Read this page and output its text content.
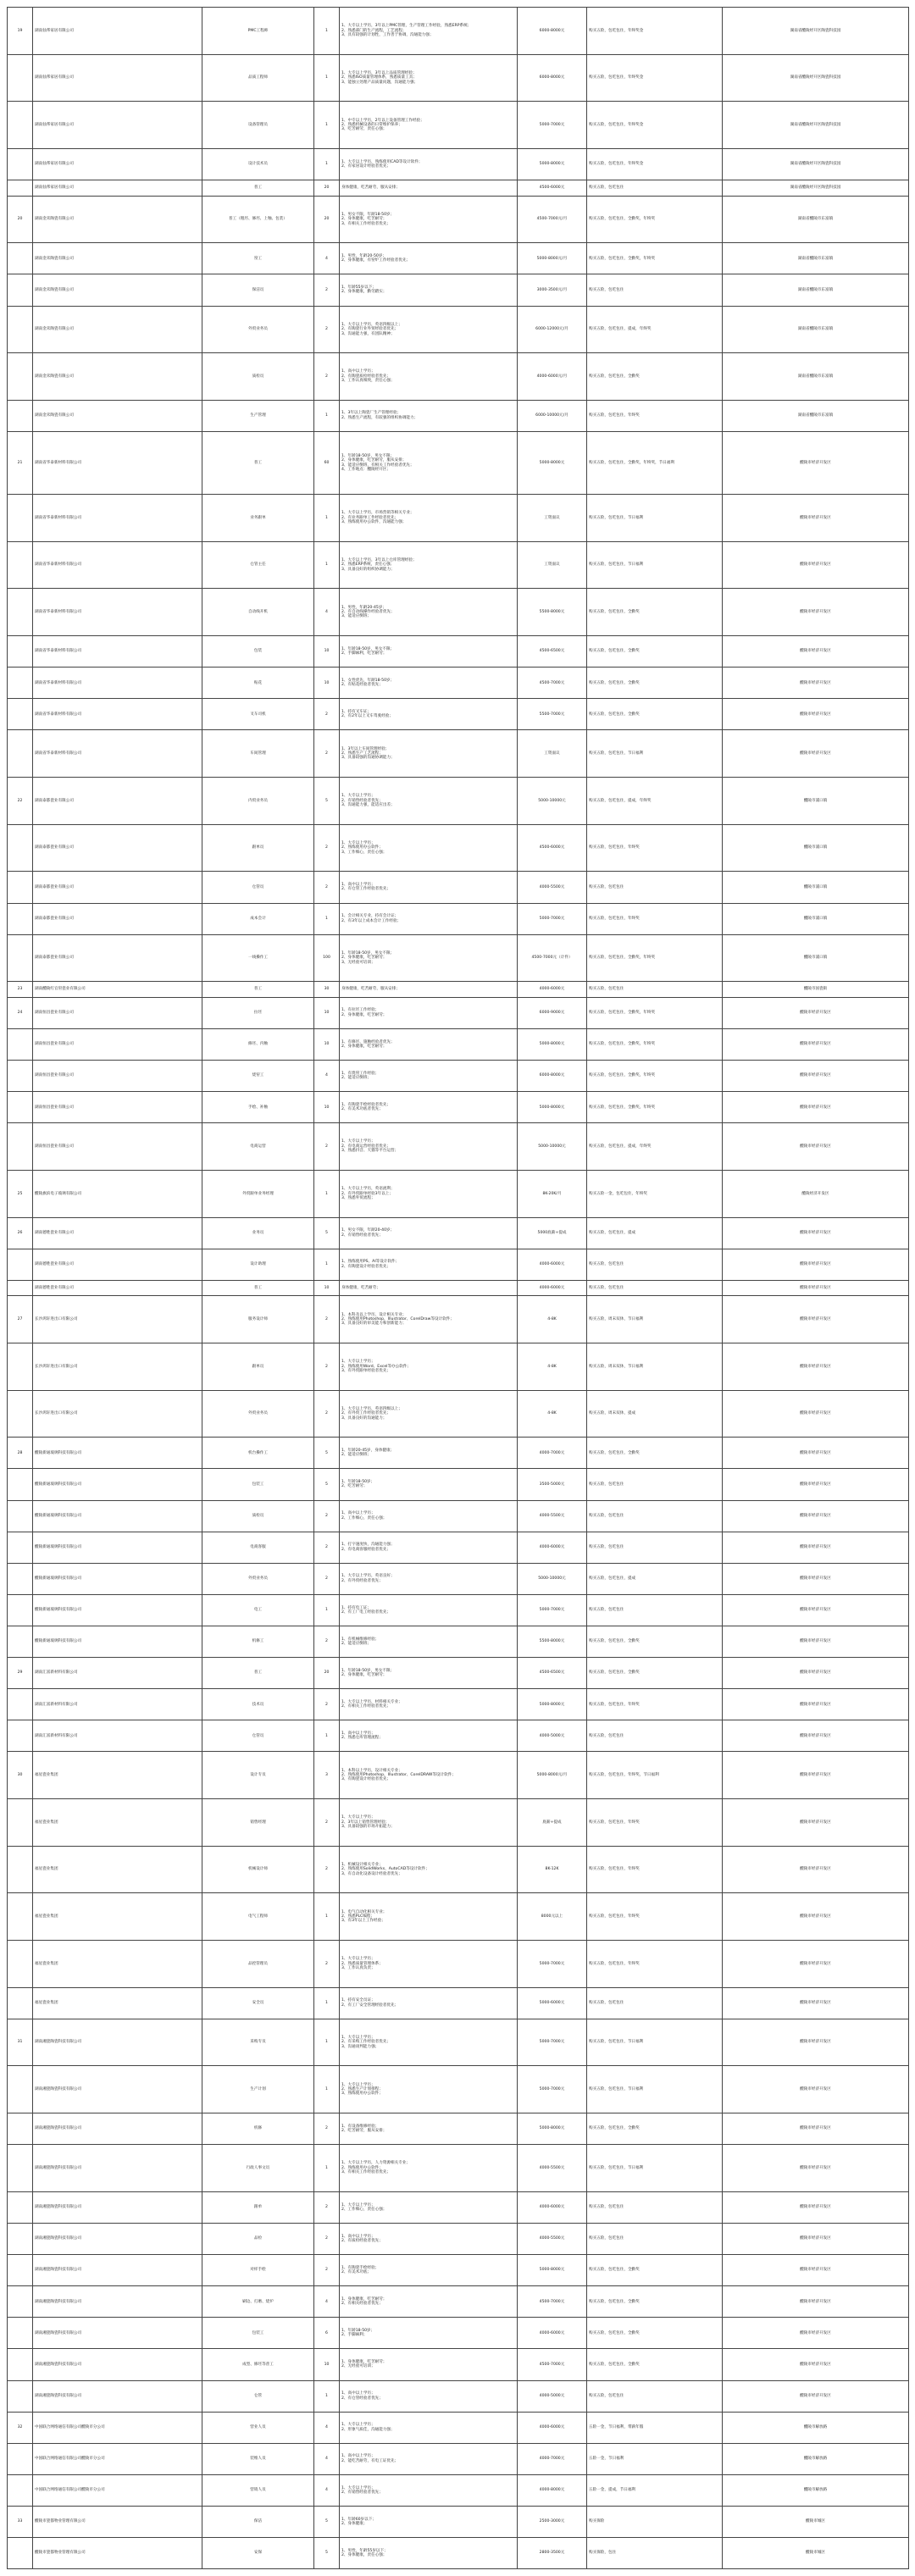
19	湖南仙邦家居有限公司	PMC工程师	1	1、大专以上学历，3年以上PMC管理，生产管理工作经验，熟悉ERP系统；
2、熟悉部门的生产流程，工艺流程；
3、具有较强的计划性，工作善于协调，沟通能力强；	6000-8000元	购买五险，包吃包住，年终奖金	湖南省醴陵经开区陶瓷科技园
	湖南仙邦家居有限公司	品质工程师	1	1、大专以上学历，3年以上品质管理经验；
2、熟悉ISO质量管理体系，熟悉质量工具；
3、能独立处理产品质量问题，沟通能力强；	6000-8000元	购买五险，包吃包住，年终奖金	湖南省醴陵经开区陶瓷科技园
	湖南仙邦家居有限公司	设备管理员	1	1、中专以上学历，2年以上设备管理工作经验；
2、熟悉机械设备的日常维护保养；
3、吃苦耐劳，责任心强；	5000-7000元	购买五险，包吃包住，年终奖金	湖南省醴陵经开区陶瓷科技园
	湖南仙邦家居有限公司	设计技术员	1	1、大专以上学历，熟练使用CAD等设计软件；
2、有家居设计经验者优先；	5000-8000元	购买五险，包吃包住，年终奖金	湖南省醴陵经开区陶瓷科技园
	湖南仙邦家居有限公司	普工	20	身体健康，吃苦耐劳，服从安排；	4500-6000元	购买五险，包吃包住	湖南省醴陵经开区陶瓷科技园
20	湖南金禾陶瓷有限公司	普工（粗坯、修坯、上釉、包装）	20	1、男女不限，年龄18-50岁；
2、身体健康，吃苦耐劳；
3、有相关工作经验者优先；	4500-7000元/月	购买五险，包吃包住，全勤奖，年终奖	湖南省醴陵市东富镇
	湖南金禾陶瓷有限公司	窑工	4	1、男性，年龄20-50岁；
2、身体健康，有窑炉工作经验者优先；	5000-8000元/月	购买五险，包吃包住，全勤奖，年终奖	湖南省醴陵市东富镇
	湖南金禾陶瓷有限公司	保洁员	2	1、年龄55岁以下；
2、身体健康，勤劳踏实；	3000-3500元/月	购买五险，包吃包住	湖南省醴陵市东富镇
	湖南金禾陶瓷有限公司	外贸业务员	2	1、大专以上学历，英语四级以上；
2、有陶瓷行业外贸经验者优先；
3、沟通能力强，有团队精神；	6000-12000元/月	购买五险，包吃包住，提成，年终奖	湖南省醴陵市东富镇
	湖南金禾陶瓷有限公司	质检员	2	1、高中以上学历；
2、有陶瓷质检经验者优先；
3、工作认真细致，责任心强；	4000-6000元/月	购买五险，包吃包住，全勤奖	湖南省醴陵市东富镇
	湖南金禾陶瓷有限公司	生产管理	1	1、3年以上陶瓷厂生产管理经验；
2、熟悉生产流程，有较强的组织协调能力；	6000-10000元/月	购买五险，包吃包住，年终奖	湖南省醴陵市东富镇
21	湖南省华泰新材料有限公司	普工	60	1、年龄18-50岁，男女不限；
2、身体健康，吃苦耐劳，服从安排；
3、能适应倒班，有相关工作经验者优先；
4、工作地点：醴陵经开区；	5000-8000元	购买五险，包吃包住，全勤奖，年终奖，节日福利	醴陵市经济开发区
	湖南省华泰新材料有限公司	业务跟单	1	1、大专以上学历，市场营销等相关专业；
2、有业务跟单工作经验者优先；
3、熟练使用办公软件，沟通能力强；	工资面议	购买五险，包吃包住，节日福利	醴陵市经济开发区
	湖南省华泰新材料有限公司	仓管主任	1	1、大专以上学历，3年以上仓库管理经验；
2、熟悉ERP系统，责任心强；
3、具备良好的组织协调能力；	工资面议	购买五险，包吃包住，节日福利	醴陵市经济开发区
	湖南省华泰新材料有限公司	自动线开机	4	1、男性，年龄20-45岁；
2、有自动线操作经验者优先；
3、能适应倒班；	5500-8000元	购买五险，包吃包住，全勤奖	醴陵市经济开发区
	湖南省华泰新材料有限公司	包装	10	1、年龄18-50岁，男女不限；
2、手脚麻利，吃苦耐劳；	4500-6500元	购买五险，包吃包住，全勤奖	醴陵市经济开发区
	湖南省华泰新材料有限公司	贴花	10	1、女性优先，年龄18-50岁；
2、有贴花经验者优先；	4500-7000元	购买五险，包吃包住，全勤奖	醴陵市经济开发区
	湖南省华泰新材料有限公司	叉车司机	2	1、持有叉车证；
2、有2年以上叉车驾驶经验；	5500-7000元	购买五险，包吃包住，全勤奖	醴陵市经济开发区
	湖南省华泰新材料有限公司	车间管理	2	1、3年以上车间管理经验；
2、熟悉生产工艺流程；
3、具备较强的沟通协调能力；	工资面议	购买五险，包吃包住，节日福利	醴陵市经济开发区
22	湖南泰都瓷业有限公司	内贸业务员	5	1、大专以上学历；
2、有销售经验者优先；
3、沟通能力强，能适应出差；	5000-10000元	购买五险，包吃包住，提成，年终奖	醴陵市浦口镇
	湖南泰都瓷业有限公司	跟单员	2	1、大专以上学历；
2、熟练使用办公软件；
3、工作细心，责任心强；	4500-6000元	购买五险，包吃包住，年终奖	醴陵市浦口镇
	湖南泰都瓷业有限公司	仓管员	2	1、高中以上学历；
2、有仓管工作经验者优先；	4000-5500元	购买五险，包吃包住	醴陵市浦口镇
	湖南泰都瓷业有限公司	成本会计	1	1、会计相关专业，持有会计证；
2、有3年以上成本会计工作经验；	5000-7000元	购买五险，包吃包住，年终奖	醴陵市浦口镇
	湖南泰都瓷业有限公司	一线操作工	100	1、年龄18-50岁，男女不限；
2、身体健康，吃苦耐劳；
3、无经验可培训；	4500-7000元（计件）	购买五险，包吃包住，全勤奖，年终奖	醴陵市浦口镇
23	湖南醴陵红官窑瓷业有限公司	普工	30	身体健康，吃苦耐劳，服从安排；	4000-6000元	购买五险，包吃包住	醴陵市国瓷街
24	湖南恒昌瓷业有限公司	拉坯	10	1、有拉坯工作经验；
2、身体健康，吃苦耐劳；	6000-9000元	购买五险，包吃包住，全勤奖，年终奖	醴陵市经济开发区
	湖南恒昌瓷业有限公司	修坯、内釉	10	1、有修坯、施釉经验者优先；
2、身体健康，吃苦耐劳；	5000-8000元	购买五险，包吃包住，全勤奖，年终奖	醴陵市经济开发区
	湖南恒昌瓷业有限公司	烧窑工	4	1、有烧窑工作经验；
2、能适应倒班；	6000-8000元	购买五险，包吃包住，全勤奖，年终奖	醴陵市经济开发区
	湖南恒昌瓷业有限公司	手绘、补釉	10	1、有陶瓷手绘经验者优先；
2、有美术功底者优先；	5000-8000元	购买五险，包吃包住，全勤奖，年终奖	醴陵市经济开发区
	湖南恒昌瓷业有限公司	电商运营	2	1、大专以上学历；
2、有电商运营经验者优先；
3、熟悉抖音、天猫等平台运营；	5000-10000元	购买五险，包吃包住，提成，年终奖	醴陵市经济开发区
25	醴陵旗滨电子玻璃有限公司	外贸跟单业务经理	1	1、大专以上学历，英语流利；
2、有外贸跟单经验3年以上；
3、熟悉外贸流程；	8K-20K/月	购买五险一金，包吃包住，年终奖	醴陵经济开发区
26	湖南德胜瓷业有限公司	业务员	5	1、男女不限，年龄20-40岁；
2、有销售经验者优先；	5000底薪+提成	购买五险，包吃包住，提成	醴陵市经济开发区
	湖南德胜瓷业有限公司	设计助理	1	1、熟练使用PS、AI等设计软件；
2、有陶瓷设计经验者优先；	4000-6000元	购买五险，包吃包住	醴陵市经济开发区
	湖南德胜瓷业有限公司	普工	10	身体健康，吃苦耐劳；	4000-6000元	购买五险，包吃包住	醴陵市经济开发区
27	长沙鸿轩进出口有限公司	服务设计师	2	1、本科及以上学历，设计相关专业；
2、熟练使用Photoshop、Illustrator、CorelDraw等设计软件；
3、具备良好的审美能力和创新能力；	4-8K	购买五险，周末双休，节日福利	醴陵市经济开发区
	长沙鸿轩进出口有限公司	跟单员	2	1、大专以上学历；
2、熟练使用Word、Excel等办公软件；
3、有外贸跟单经验者优先；	4-8K	购买五险，周末双休，节日福利	醴陵市经济开发区
	长沙鸿轩进出口有限公司	外贸业务员	2	1、大专以上学历，英语四级以上；
2、有外贸工作经验者优先；
3、具备良好的沟通能力；	4-8K	购买五险，周末双休，提成	醴陵市经济开发区
28	醴陵新通玻璃科技有限公司	机台操作工	5	1、年龄20-45岁，身体健康；
2、能适应倒班；	4000-7000元	购买五险，包吃包住，全勤奖	醴陵市经济开发区
	醴陵新通玻璃科技有限公司	包装工	5	1、年龄18-50岁；
2、吃苦耐劳；	3500-5000元	购买五险，包吃包住	醴陵市经济开发区
	醴陵新通玻璃科技有限公司	质检员	2	1、高中以上学历；
2、工作细心，责任心强；	4000-5500元	购买五险，包吃包住	醴陵市经济开发区
	醴陵新通玻璃科技有限公司	电商客服	2	1、打字速度快，沟通能力强；
2、有电商客服经验者优先；	4000-6000元	购买五险，包吃包住	醴陵市经济开发区
	醴陵新通玻璃科技有限公司	外贸业务员	2	1、大专以上学历，英语良好；
2、有外贸经验者优先；	5000-10000元	购买五险，包吃包住，提成	醴陵市经济开发区
	醴陵新通玻璃科技有限公司	电工	1	1、持有电工证；
2、有工厂电工经验者优先；	5000-7000元	购买五险，包吃包住	醴陵市经济开发区
	醴陵新通玻璃科技有限公司	机修工	2	1、有机械维修经验；
2、能适应倒班；	5500-8000元	购买五险，包吃包住，全勤奖	醴陵市经济开发区
29	湖南汇富新材料有限公司	普工	20	1、年龄18-50岁，男女不限；
2、身体健康，吃苦耐劳；	4500-6500元	购买五险，包吃包住，全勤奖	醴陵市经济开发区
	湖南汇富新材料有限公司	技术员	2	1、大专以上学历，材料相关专业；
2、有相关工作经验者优先；	5000-8000元	购买五险，包吃包住，年终奖	醴陵市经济开发区
	湖南汇富新材料有限公司	仓管员	1	1、高中以上学历；
2、熟悉仓库管理流程；	4000-5000元	购买五险，包吃包住	醴陵市经济开发区
30	福星瓷业集团	设计专员	3	1、本科以上学历，设计相关专业；
2、熟练使用Photoshop、Illustrator、CorelDRAW等设计软件；
3、有陶瓷设计经验者优先；	5000-8000元/月	购买五险，包吃包住，年终奖，节日福利	醴陵市经济开发区
	福星瓷业集团	销售经理	2	1、大专以上学历；
2、3年以上销售管理经验；
3、具备较强的市场开拓能力；	底薪+提成	购买五险，包吃包住，年终奖	醴陵市经济开发区
	福星瓷业集团	机械设计师	2	1、机械设计相关专业；
2、熟练使用SolidWorks、AutoCAD等设计软件；
3、有自动化设备设计经验者优先；	8K-12K	购买五险，包吃包住，年终奖	醴陵市经济开发区
	福星瓷业集团	电气工程师	1	1、电气自动化相关专业；
2、熟悉PLC编程；
3、有3年以上工作经验；	8000元以上	购买五险，包吃包住，年终奖	醴陵市经济开发区
	福星瓷业集团	品控管理员	2	1、大专以上学历；
2、熟悉质量管理体系；
3、工作认真负责；	5000-7000元	购买五险，包吃包住，年终奖	醴陵市经济开发区
	福星瓷业集团	安全员	1	1、持有安全员证；
2、有工厂安全管理经验者优先；	5000-6000元	购买五险，包吃包住	醴陵市经济开发区
31	湖南湘瓷陶瓷科技有限公司	采购专员	1	1、大专以上学历；
2、有采购工作经验者优先；
3、沟通谈判能力强；	5000-7000元	购买五险，包吃包住，节日福利	醴陵市经济开发区
	湖南湘瓷陶瓷科技有限公司	生产计划	1	1、大专以上学历；
2、熟悉生产计划排程；
3、熟练使用办公软件；	5000-7000元	购买五险，包吃包住，节日福利	醴陵市经济开发区
	湖南湘瓷陶瓷科技有限公司	机修	2	1、有设备维修经验；
2、吃苦耐劳，服从安排；	5000-8000元	购买五险，包吃包住，全勤奖	醴陵市经济开发区
	湖南湘瓷陶瓷科技有限公司	行政人事文员	1	1、大专以上学历，人力资源相关专业；
2、熟练使用办公软件；
3、有相关工作经验者优先；	4000-5500元	购买五险，包吃包住，节日福利	醴陵市经济开发区
	湖南湘瓷陶瓷科技有限公司	跟单	2	1、大专以上学历；
2、工作细心，责任心强；	4000-6000元	购买五险，包吃包住	醴陵市经济开发区
	湖南湘瓷陶瓷科技有限公司	品检	2	1、高中以上学历；
2、有质检经验者优先；	4000-5500元	购买五险，包吃包住	醴陵市经济开发区
	湖南湘瓷陶瓷科技有限公司	对样手绘	2	1、有陶瓷手绘经验；
2、有美术功底；	5000-8000元	购买五险，包吃包住，全勤奖	醴陵市经济开发区
	湖南湘瓷陶瓷科技有限公司	刷边、打磨、烧炉	4	1、身体健康，吃苦耐劳；
2、有相关经验者优先；	4500-7000元	购买五险，包吃包住，全勤奖	醴陵市经济开发区
	湖南湘瓷陶瓷科技有限公司	包装工	6	1、年龄18-50岁；
2、手脚麻利；	4000-6000元	购买五险，包吃包住，全勤奖	醴陵市经济开发区
	湖南湘瓷陶瓷科技有限公司	成型、修坯等普工	10	1、身体健康，吃苦耐劳；
2、无经验可培训；	4500-7000元	购买五险，包吃包住，全勤奖	醴陵市经济开发区
	湖南湘瓷陶瓷科技有限公司	仓管	1	1、高中以上学历；
2、有仓管经验者优先；	4000-5000元	购买五险，包吃包住	醴陵市经济开发区
32	中国联合网络通信有限公司醴陵市分公司	营业人员	4	1、大专以上学历；
2、形象气质佳，沟通能力强；	4000-6000元	五险一金，节日福利，带薪年假	醴陵市解放路
	中国联合网络通信有限公司醴陵市分公司	装维人员	4	1、高中以上学历；
2、能吃苦耐劳，有电工证优先；	4000-7000元	五险一金，节日福利	醴陵市解放路
	中国联合网络通信有限公司醴陵市分公司	营销人员	4	1、大专以上学历；
2、有销售经验者优先；	4000-8000元	五险一金，提成，节日福利	醴陵市解放路
33	醴陵市瓷都物业管理有限公司	保洁	5	1、年龄60岁以下；
2、身体健康；	2500-3000元	购买保险	醴陵市城区
	醴陵市瓷都物业管理有限公司	安保	5	1、男性，年龄55岁以下；
2、身体健康，责任心强；	2800-3500元	购买保险，包住	醴陵市城区
